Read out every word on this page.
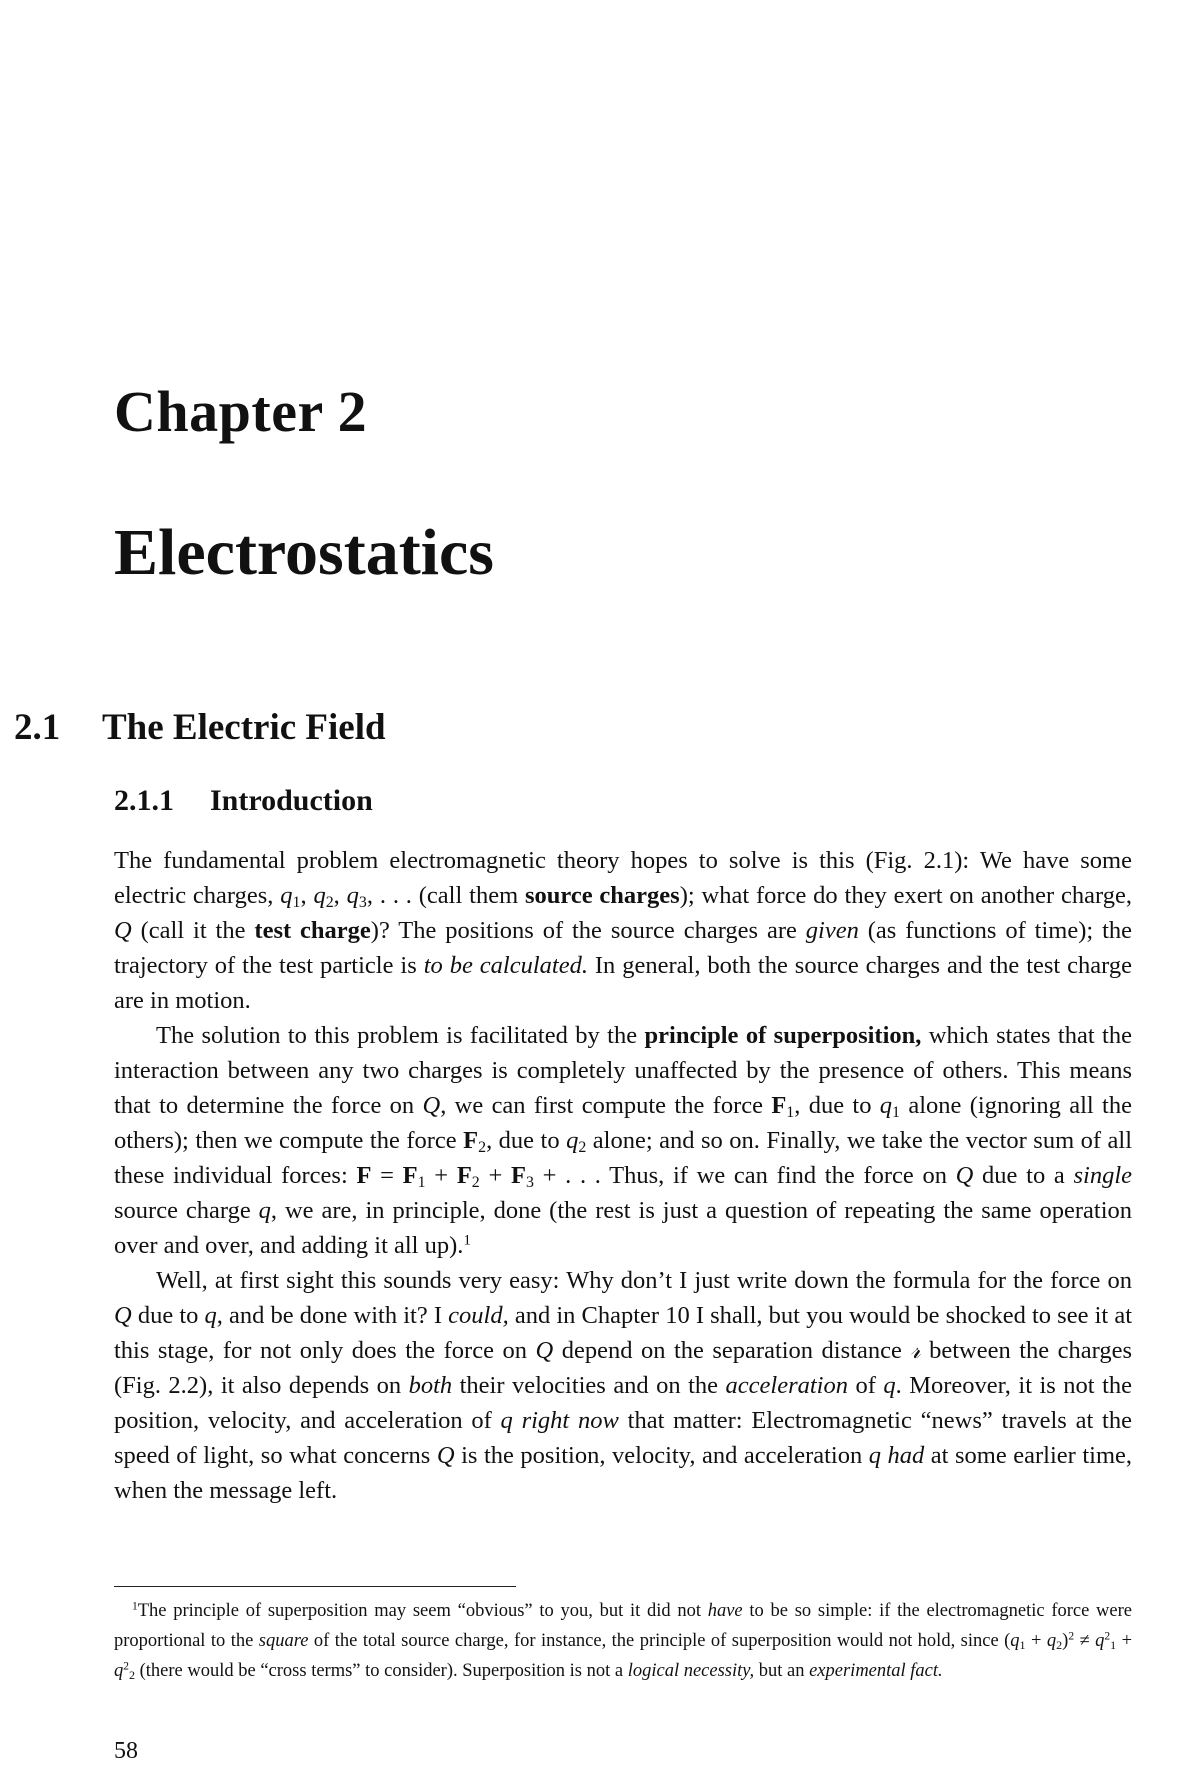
Chapter 2
Electrostatics
2.1 The Electric Field
2.1.1 Introduction

The fundamental problem electromagnetic theory hopes to solve is this (Fig. 2.1): We have some electric charges, $q_1$, $q_2$, $q_3$, . . . (call them source charges); what force do they exert on another charge, Q (call it the test charge)? The positions of the source charges are given (as functions of time); the trajectory of the test particle is to be calculated. In general, both the source charges and the test charge are in motion.

The solution to this problem is facilitated by the principle of superposition, which states that the interaction between any two charges is completely unaffected by the presence of others. This means that to determine the force on Q, we can first compute the force $F_1$, due to $q_1$ alone (ignoring all the others); then we compute the force $F_2$, due to $q_2$ alone; and so on. Finally, we take the vector sum of all these individual forces: $F = F_1 + F_2 + F_3$ + . . . Thus, if we can find the force on Q due to a single source charge q, we are, in principle, done (the rest is just a question of repeating the same operation over and over, and adding it all up).$^1$

Well, at first sight this sounds very easy: Why don’t I just write down the formula for the force on Q due to q, and be done with it? I could, and in Chapter 10 I shall, but you would be shocked to see it at this stage, for not only does the force on Q depend on the separation distance 𝓇 between the charges (Fig. 2.2), it also depends on both their velocities and on the acceleration of q. Moreover, it is not the position, velocity, and acceleration of q right now that matter: Electromagnetic “news” travels at the speed of light, so what concerns Q is the position, velocity, and acceleration q had at some earlier time, when the message left.

$^1$The principle of superposition may seem “obvious” to you, but it did not have to be so simple: if the electromagnetic force were proportional to the square of the total source charge, for instance, the principle of superposition would not hold, since $(q_1 + q_2)^2 \ne q^2_1 + q^2_2$ (there would be “cross terms” to consider). Superposition is not a logical necessity, but an experimental fact.

58
